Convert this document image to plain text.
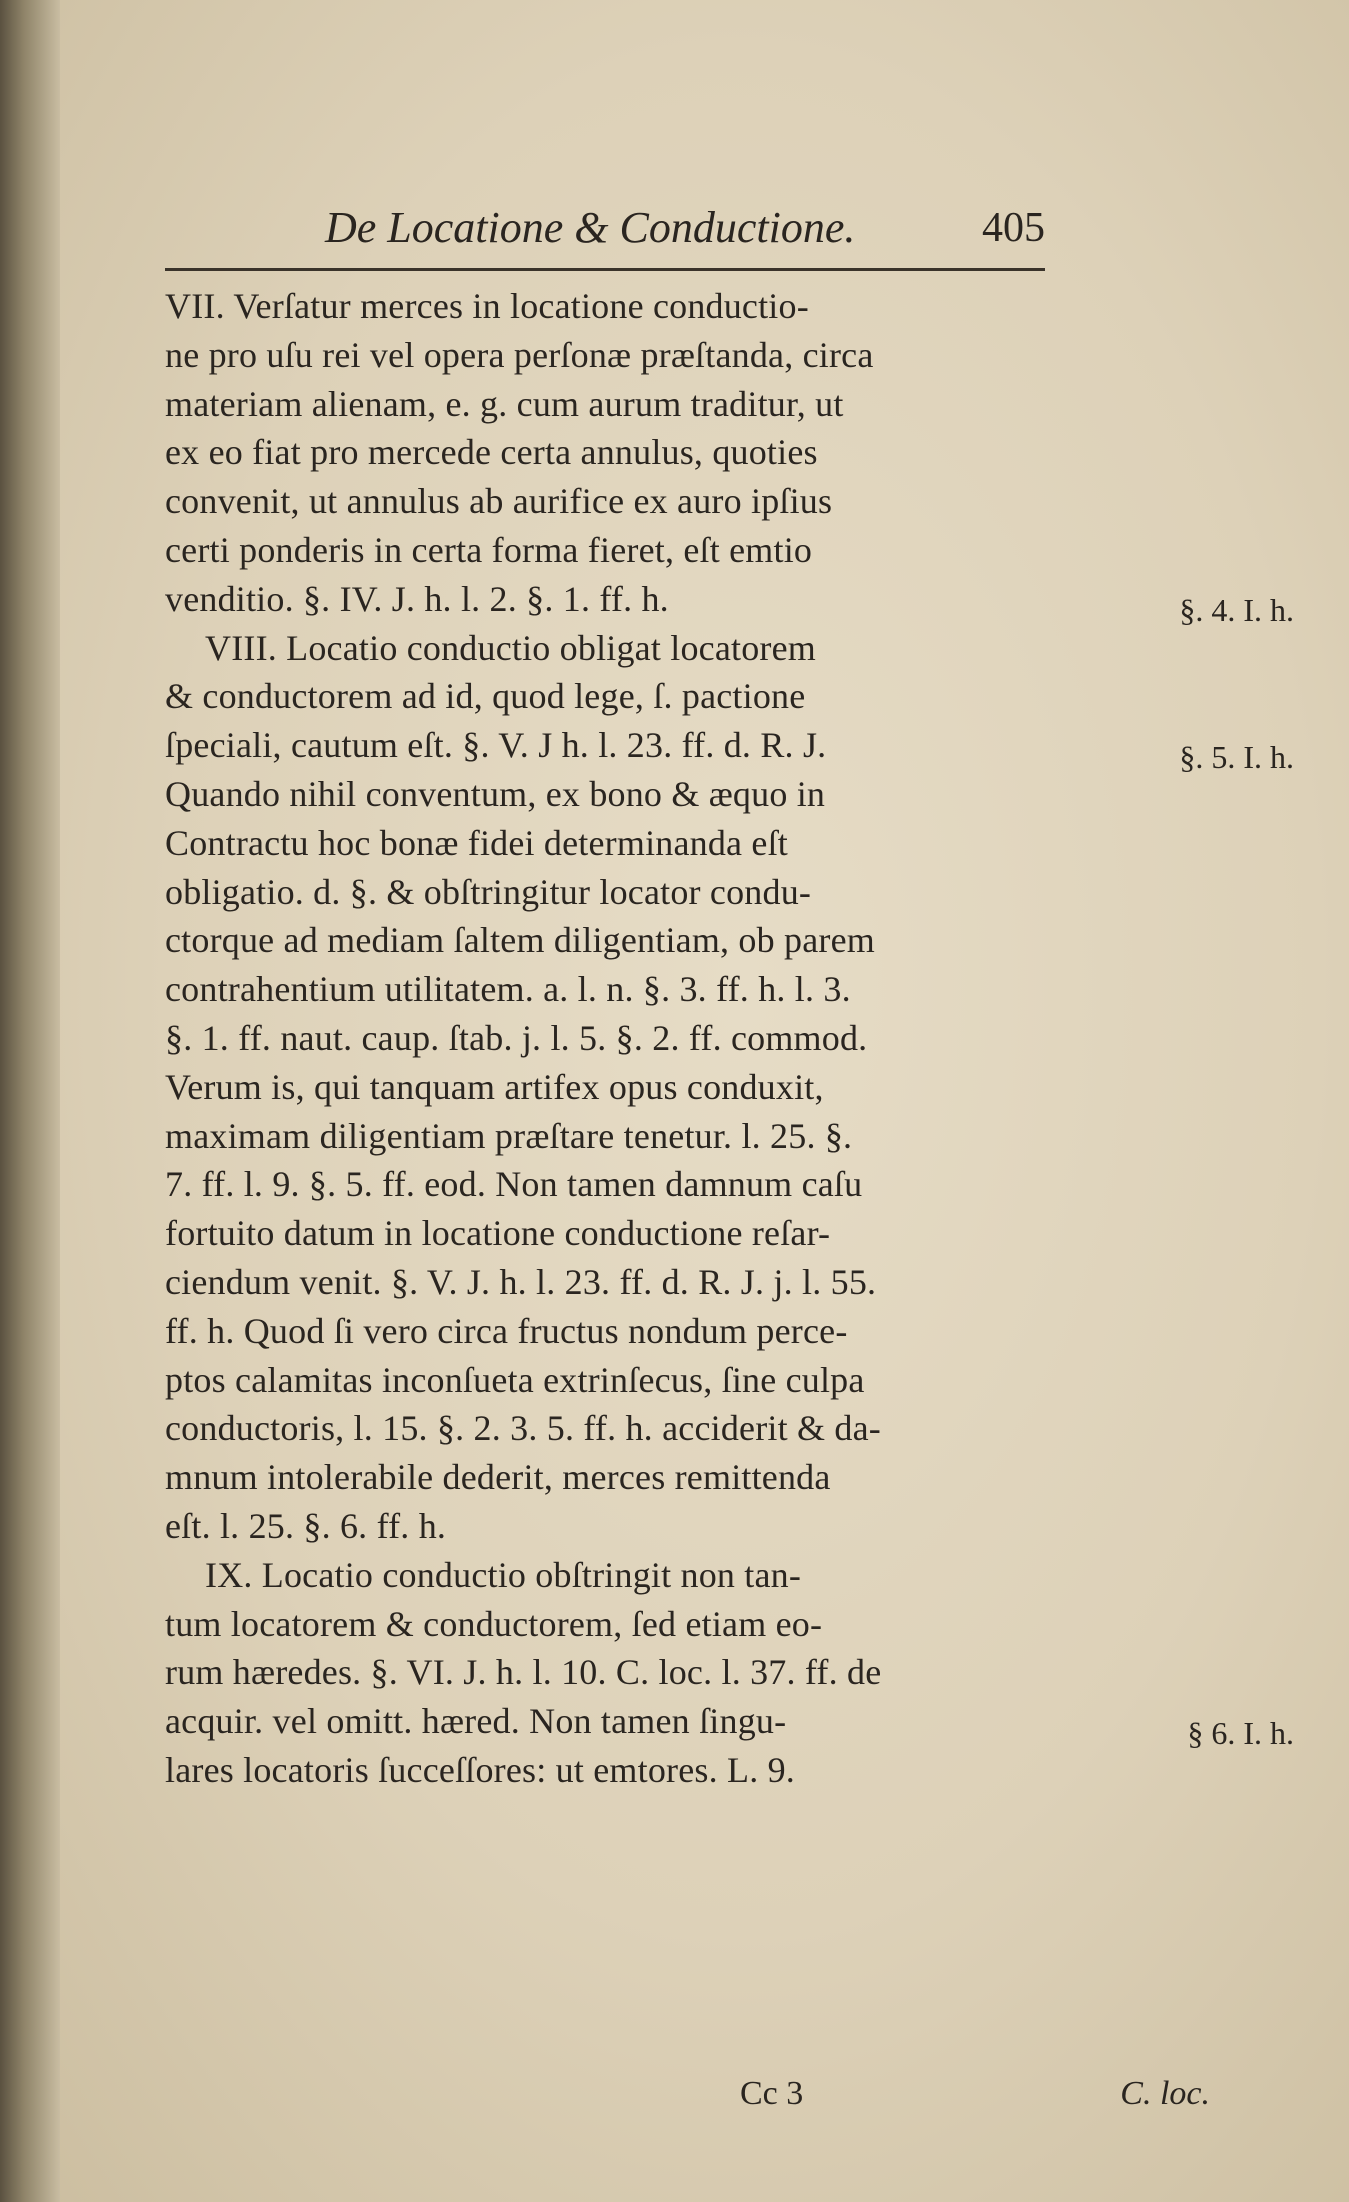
De Locatione & Conductione.	405
VII. Verſatur merces in locatione conductio-
ne pro uſu rei vel opera perſonæ præſtanda, circa
materiam alienam, e. g. cum aurum traditur, ut
ex eo fiat pro mercede certa annulus, quoties
convenit, ut annulus ab aurifice ex auro ipſius
certi ponderis in certa forma fieret, eſt emtio
venditio. §. IV. J. h. l. 2. §. 1. ff. h.
VIII. Locatio conductio obligat locatorem
& conductorem ad id, quod lege, ſ. pactione
ſpeciali, cautum eſt. §. V. J h. l. 23. ff. d. R. J.
Quando nihil conventum, ex bono & æquo in
Contractu hoc bonæ fidei determinanda eſt
obligatio. d. §. & obſtringitur locator condu-
ctorque ad mediam ſaltem diligentiam, ob parem
contrahentium utilitatem. a. l. n. §. 3. ff. h. l. 3.
§. 1. ff. naut. caup. ſtab. j. l. 5. §. 2. ff. commod.
Verum is, qui tanquam artifex opus conduxit,
maximam diligentiam præſtare tenetur. l. 25. §.
7. ff. l. 9. §. 5. ff. eod. Non tamen damnum caſu
fortuito datum in locatione conductione reſar-
ciendum venit. §. V. J. h. l. 23. ff. d. R. J. j. l. 55.
ff. h. Quod ſi vero circa fructus nondum perce-
ptos calamitas inconſueta extrinſecus, ſine culpa
conductoris, l. 15. §. 2. 3. 5. ff. h. acciderit & da-
mnum intolerabile dederit, merces remittenda
eſt. l. 25. §. 6. ff. h.
IX. Locatio conductio obſtringit non tan-
tum locatorem & conductorem, ſed etiam eo-
rum hæredes. §. VI. J. h. l. 10. C. loc. l. 37. ff. de
acquir. vel omitt. hæred. Non tamen ſingu-
lares locatoris ſucceſſores: ut emtores. L. 9.
Cc 3	C. loc.
§. 4. I. h.
§. 5. I. h.
§ 6. I. h.
